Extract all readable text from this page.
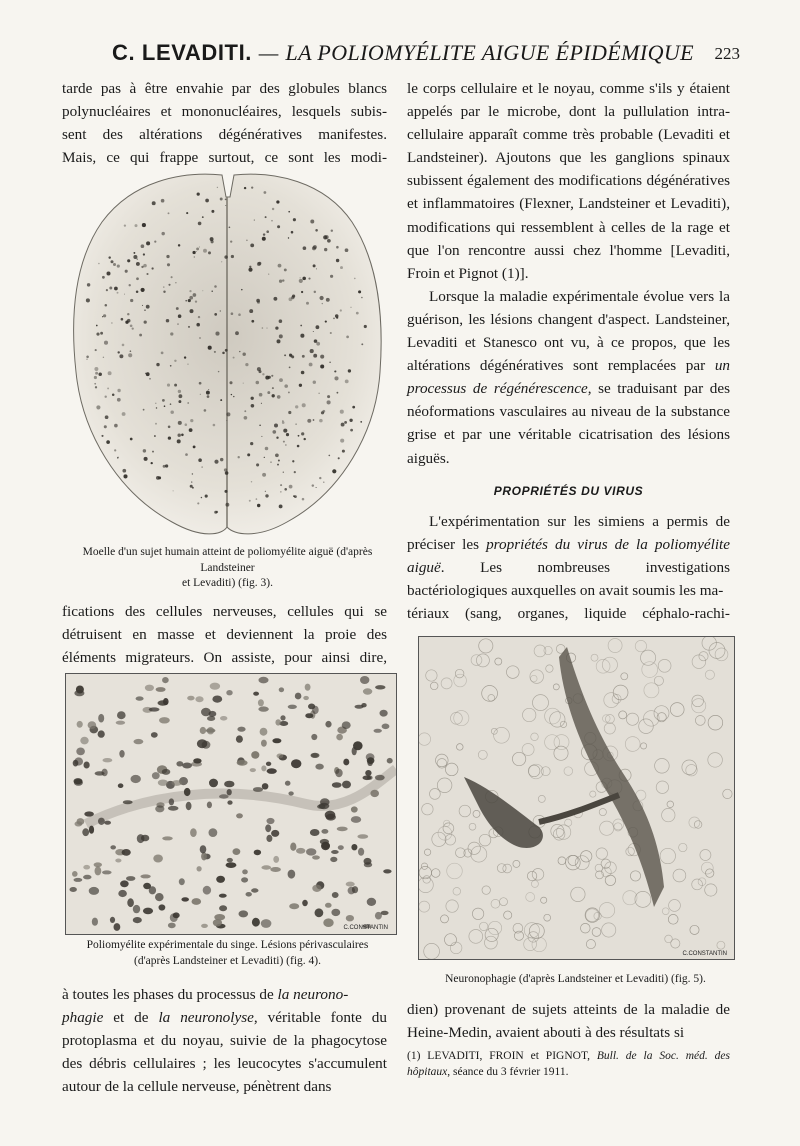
C. LEVADITI. — LA POLIOMYÉLITE AIGUE ÉPIDÉMIQUE 223

tarde pas à être envahie par des globules blancs

polynucléaires et mononucléaires, lesquels subis-

sent des altérations dégénératives manifestes.

Mais, ce qui frappe surtout, ce sont les modi-

Moelle d'un sujet humain atteint de poliomyélite aiguë (d'après Landsteiner
et Levaditi) (fig. 3).

fications des cellules nerveuses, cellules qui se

détruisent en masse et deviennent la proie des

éléments migrateurs. On assiste, pour ainsi dire,

C.CONSTANTIN
Poliomyélite expérimentale du singe. Lésions périvasculaires
(d'après Landsteiner et Levaditi) (fig. 4).

à toutes les phases du processus de la neurono-
phagie et de la neuronolyse, véritable fonte du protoplasma et du noyau, suivie de la phagocytose des débris cellulaires ; les leucocytes s'accumulent autour de la cellule nerveuse, pénètrent dans

le corps cellulaire et le noyau, comme s'ils y étaient appelés par le microbe, dont la pullulation intra-cellulaire apparaît comme très probable (Levaditi et Landsteiner). Ajoutons que les ganglions spinaux subissent également des modifications dégénératives et inflammatoires (Flexner, Landsteiner et Levaditi), modifications qui ressemblent à celles de la rage et que l'on rencontre aussi chez l'homme [Levaditi, Froin et Pignot (1)].

Lorsque la maladie expérimentale évolue vers la guérison, les lésions changent d'aspect. Landsteiner, Levaditi et Stanesco ont vu, à ce propos, que les altérations dégénératives sont remplacées par un processus de régénérescence, se traduisant par des néoformations vasculaires au niveau de la substance grise et par une véritable cicatrisation des lésions aiguës.

PROPRIÉTÉS DU VIRUS

L'expérimentation sur les simiens a permis de préciser les propriétés du virus de la poliomyélite aiguë. Les nombreuses investigations bactériologiques auxquelles on avait soumis les ma-

tériaux (sang, organes, liquide céphalo-rachi-
C.CONSTANTIN
Neuronophagie (d'après Landsteiner et Levaditi) (fig. 5).

dien) provenant de sujets atteints de la maladie de Heine-Medin, avaient abouti à des résultats si

(1) LEVADITI, FROIN et PIGNOT, Bull. de la Soc. méd. des hôpitaux, séance du 3 février 1911.
